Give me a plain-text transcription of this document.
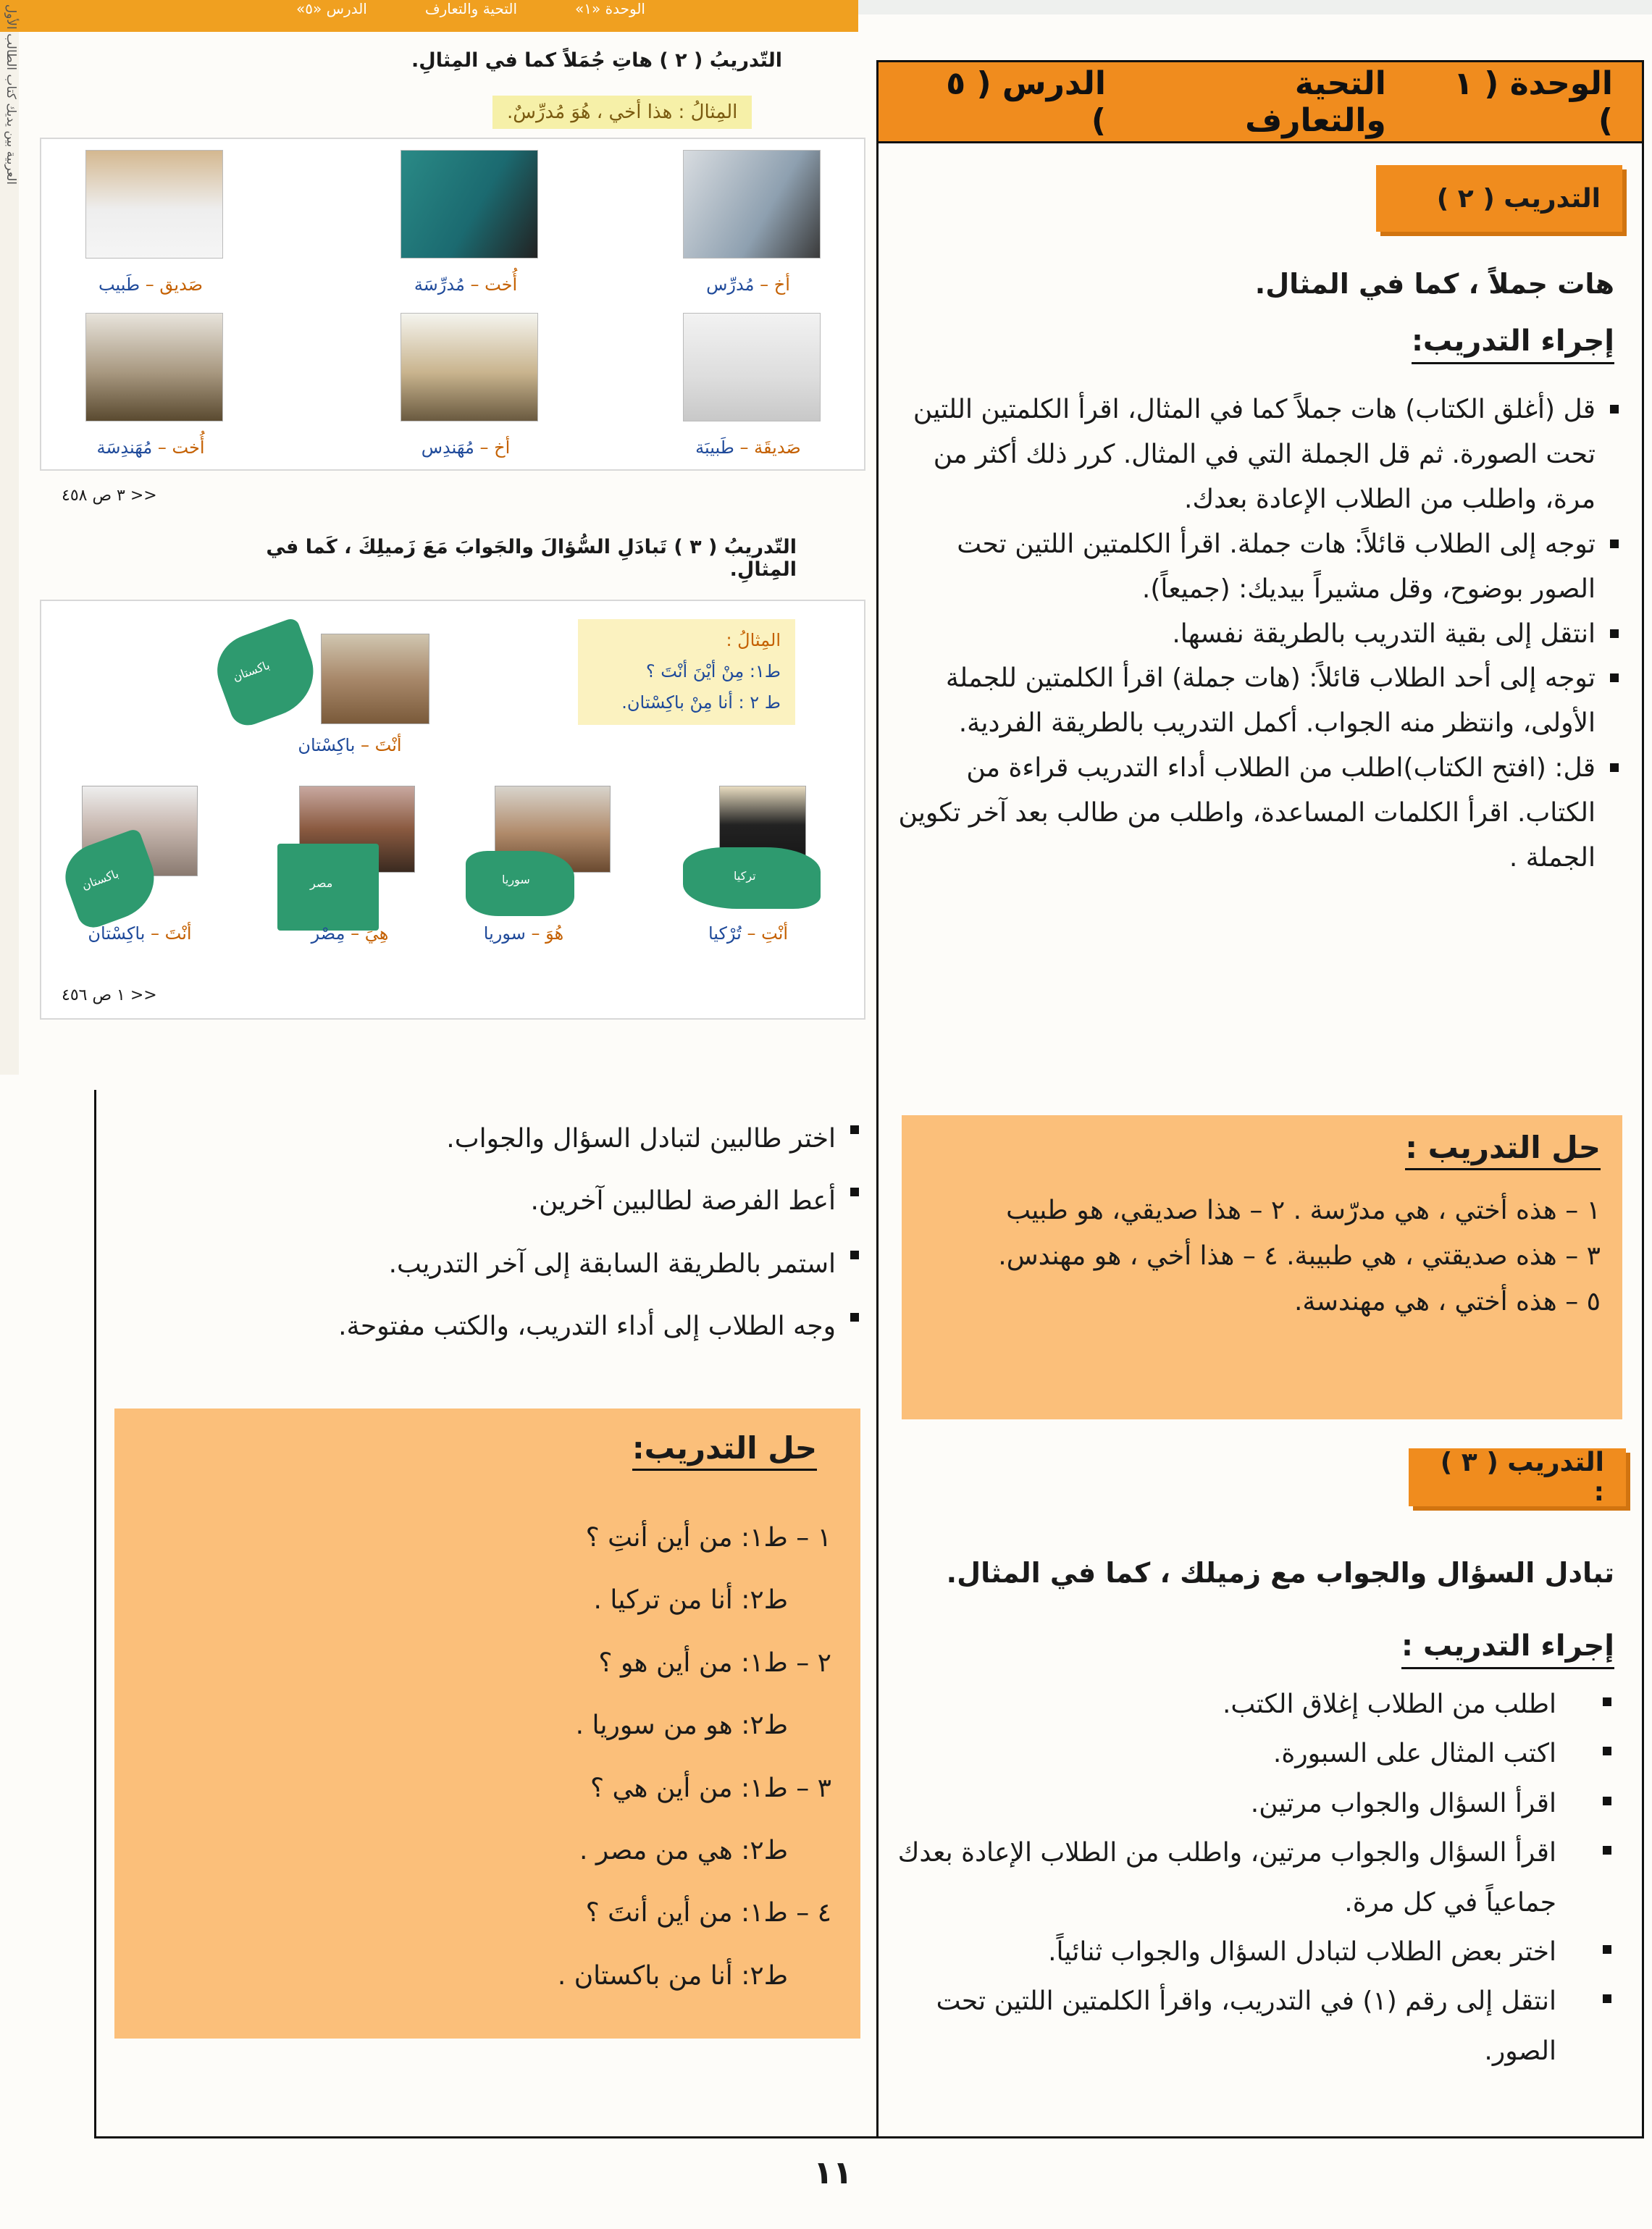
الوحدة «١»
التحية والتعارف
الدرس «٥»
التّدريبُ ( ٢ ) هاتِ جُمَلاً كما في المِثالِ.
المِثالُ : هذا أخي ، هُوَ مُدرِّسٌ.
أخ – مُدرِّس
أُخت – مُدرِّسَة
صَديق – طَبيب
صَديقَة – طَبيبَة
أخ – مُهَندِس
أُخت – مُهَندِسَة
<< ٣ ص ٤٥٨
التّدريبُ ( ٣ ) تَبادَلِ السُّؤالَ والجَوابَ مَعَ زَميلِكَ ، كَما في المِثالِ.
المِثالُ :
ط١: مِنْ أيْنَ أنْتَ ؟
ط ٢ : أنا مِنْ باكِسْتان.
باكستان
أنْتَ – باكِسْتان
تركيا
أنْتِ – تُرْكيا
سوريا
هُوَ – سوريا
مصر
هِيَ – مِصْر
باكستان
أنْتَ – باكِسْتان
<< ١ ص ٤٥٦
الوحدة ( ١ )
التحية والتعارف
الدرس ( ٥ )
التدريب ( ٢ )
هات جملاً ، كما في المثال.
إجراء التدريب:
قل (أغلق الكتاب) هات جملاً كما في المثال، اقرأ الكلمتين اللتين تحت الصورة. ثم قل الجملة التي في المثال. كرر ذلك أكثر من مرة، واطلب من الطلاب الإعادة بعدك.
توجه إلى الطلاب قائلاً: هات جملة. اقرأ الكلمتين اللتين تحت الصور بوضوح، وقل مشيراً بيديك: (جميعاً).
انتقل إلى بقية التدريب بالطريقة نفسها.
توجه إلى أحد الطلاب قائلاً: (هات جملة) اقرأ الكلمتين للجملة الأولى، وانتظر منه الجواب. أكمل التدريب بالطريقة الفردية.
قل: (افتح الكتاب)اطلب من الطلاب أداء التدريب قراءة من الكتاب. اقرأ الكلمات المساعدة، واطلب من طالب بعد آخر تكوين الجملة .
حل التدريب :
١ – هذه أختي ، هي مدرّسة . ٢ – هذا صديقي، هو طبيب
٣ – هذه صديقتي ، هي طبيبة. ٤ – هذا أخي ، هو مهندس.
٥ – هذه أختي ، هي مهندسة.
التدريب ( ٣ ) :
تبادل السؤال والجواب مع زميلك ، كما في المثال.
إجراء التدريب :
اطلب من الطلاب إغلاق الكتب.
اكتب المثال على السبورة.
اقرأ السؤال والجواب مرتين.
اقرأ السؤال والجواب مرتين، واطلب من الطلاب الإعادة بعدك جماعياً في كل مرة.
اختر بعض الطلاب لتبادل السؤال والجواب ثنائياً.
انتقل إلى رقم (١) في التدريب، واقرأ الكلمتين اللتين تحت الصور.
اختر طالبين لتبادل السؤال والجواب.
أعط الفرصة لطالبين آخرين.
استمر بالطريقة السابقة إلى آخر التدريب.
وجه الطلاب إلى أداء التدريب، والكتب مفتوحة.
حل التدريب:
١ – ط١: من أين أنتِ ؟
ط٢: أنا من تركيا .
٢ – ط١: من أين هو ؟
ط٢: هو من سوريا .
٣ – ط١: من أين هي ؟
ط٢: هي من مصر .
٤ – ط١: من أين أنتَ ؟
ط٢: أنا من باكستان .
١١
